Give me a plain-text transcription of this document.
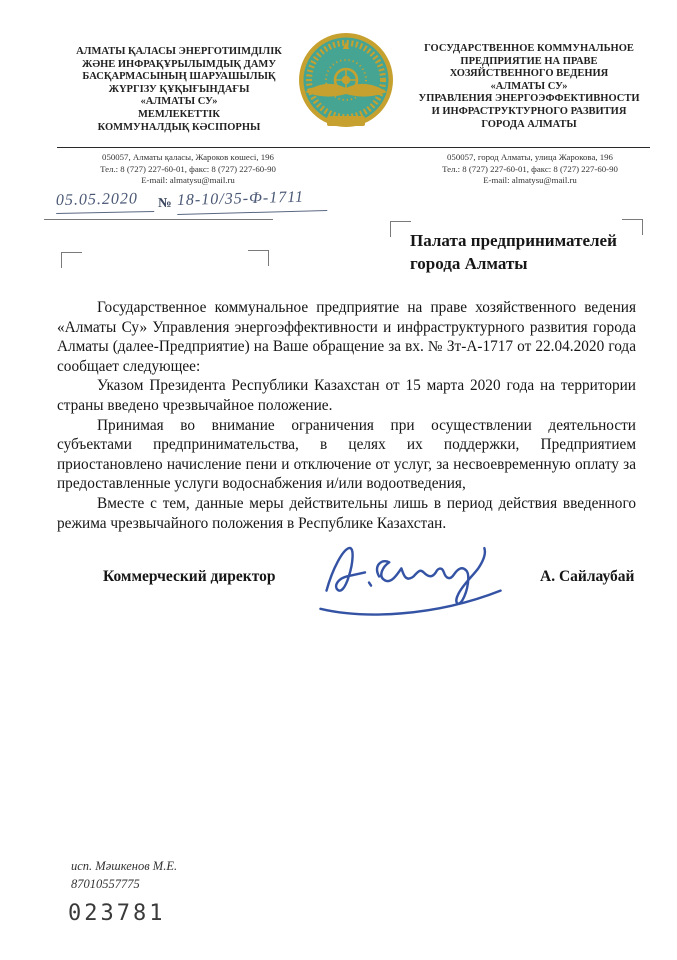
АЛМАТЫ ҚАЛАСЫ ЭНЕРГОТИІМДІЛІК
ЖӘНЕ ИНФРАҚҰРЫЛЫМДЫҚ ДАМУ
БАСҚАРМАСЫНЫҢ ШАРУАШЫЛЫҚ
ЖҮРГІЗУ ҚҰҚЫҒЫНДАҒЫ
«АЛМАТЫ СУ»
МЕМЛЕКЕТТІК
КОММУНАЛДЫҚ КӘСІПОРНЫ
ГОСУДАРСТВЕННОЕ КОММУНАЛЬНОЕ
ПРЕДПРИЯТИЕ НА ПРАВЕ
ХОЗЯЙСТВЕННОГО ВЕДЕНИЯ
«АЛМАТЫ СУ»
УПРАВЛЕНИЯ ЭНЕРГОЭФФЕКТИВНОСТИ
И ИНФРАСТРУКТУРНОГО РАЗВИТИЯ
ГОРОДА АЛМАТЫ
050057, Алматы қаласы, Жароков көшесі, 196
Тел.: 8 (727) 227-60-01, факс: 8 (727) 227-60-90
E-mail: almatysu@mail.ru
050057, город Алматы, улица Жарокова, 196
Тел.: 8 (727) 227-60-01, факс: 8 (727) 227-60-90
E-mail: almatysu@mail.ru
05.05.2020	№ 18-10/35-Ф-1711
Палата предпринимателей
города Алматы

Государственное коммунальное предприятие на праве хозяйственного ведения «Алматы Су» Управления энергоэффективности и инфраструктурного развития города Алматы (далее-Предприятие) на Ваше обращение за вх. № Зт-А-1717 от 22.04.2020 года сообщает следующее:

Указом Президента Республики Казахстан от 15 марта 2020 года на территории страны введено чрезвычайное положение.

Принимая во внимание ограничения при осуществлении деятельности субъектами предпринимательства, в целях их поддержки, Предприятием приостановлено начисление пени и отключение от услуг, за несвоевременную оплату за предоставленные услуги водоснабжения и/или водоотведения,

Вместе с тем, данные меры действительны лишь в период действия введенного режима чрезвычайного положения в Республике Казахстан.

Коммерческий директор	А. Сайлаубай
исп. Мәшкенов М.Е.
87010557775
023781
